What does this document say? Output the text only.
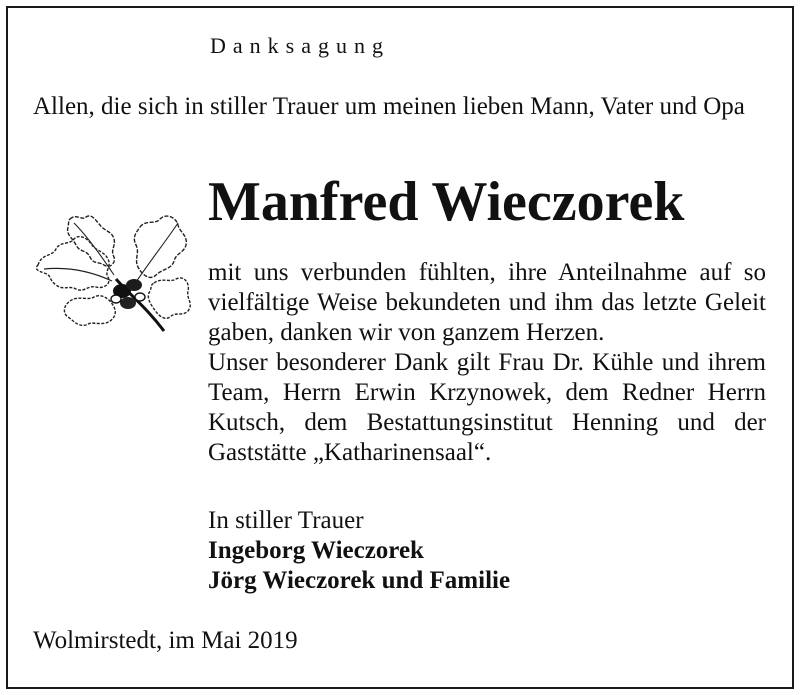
Danksagung
Allen, die sich in stiller Trauer um meinen lieben Mann, Vater und Opa
Manfred Wieczorek

mit uns verbunden fühlten, ihre Anteilnahme auf so vielfältige Weise bekundeten und ihm das letzte Geleit gaben, danken wir von ganzem Herzen.

Unser besonderer Dank gilt Frau Dr. Kühle und ihrem Team, Herrn Erwin Krzynowek, dem Redner Herrn Kutsch, dem Bestattungsinstitut Henning und der Gaststätte „Katharinensaal“.

In stiller Trauer
Ingeborg Wieczorek
Jörg Wieczorek und Familie
Wolmirstedt, im Mai 2019
